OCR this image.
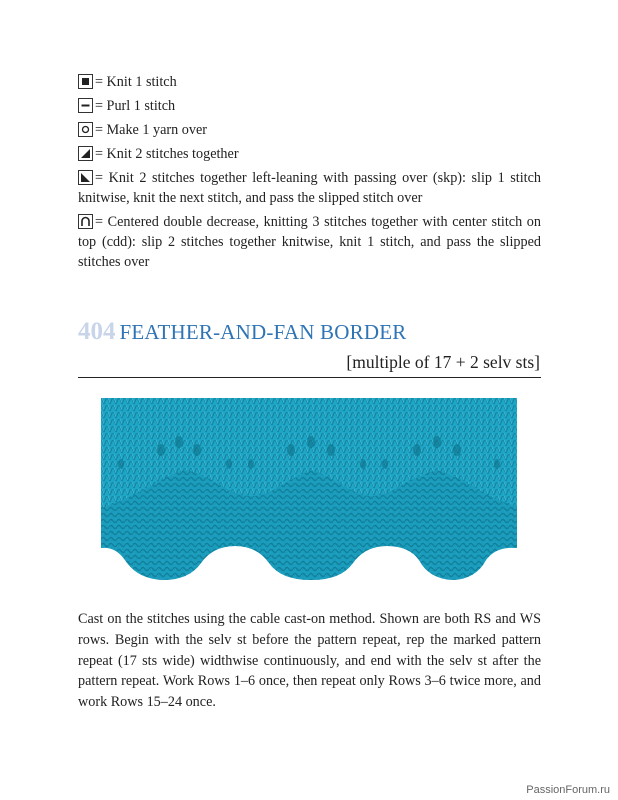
= Knit 1 stitch
= Purl 1 stitch
= Make 1 yarn over
= Knit 2 stitches together
= Knit 2 stitches together left-leaning with passing over (skp): slip 1 stitch knitwise, knit the next stitch, and pass the slipped stitch over
= Centered double decrease, knitting 3 stitches together with center stitch on top (cdd): slip 2 stitches together knitwise, knit 1 stitch, and pass the slipped stitches over
404 FEATHER-AND-FAN BORDER
[multiple of 17 + 2 selv sts]
Cast on the stitches using the cable cast-on method. Shown are both RS and WS rows. Begin with the selv st before the pattern repeat, rep the marked pattern repeat (17 sts wide) widthwise continuously, and end with the selv st after the pattern repeat. Work Rows 1–6 once, then repeat only Rows 3–6 twice more, and work Rows 15–24 once.
PassionForum.ru
